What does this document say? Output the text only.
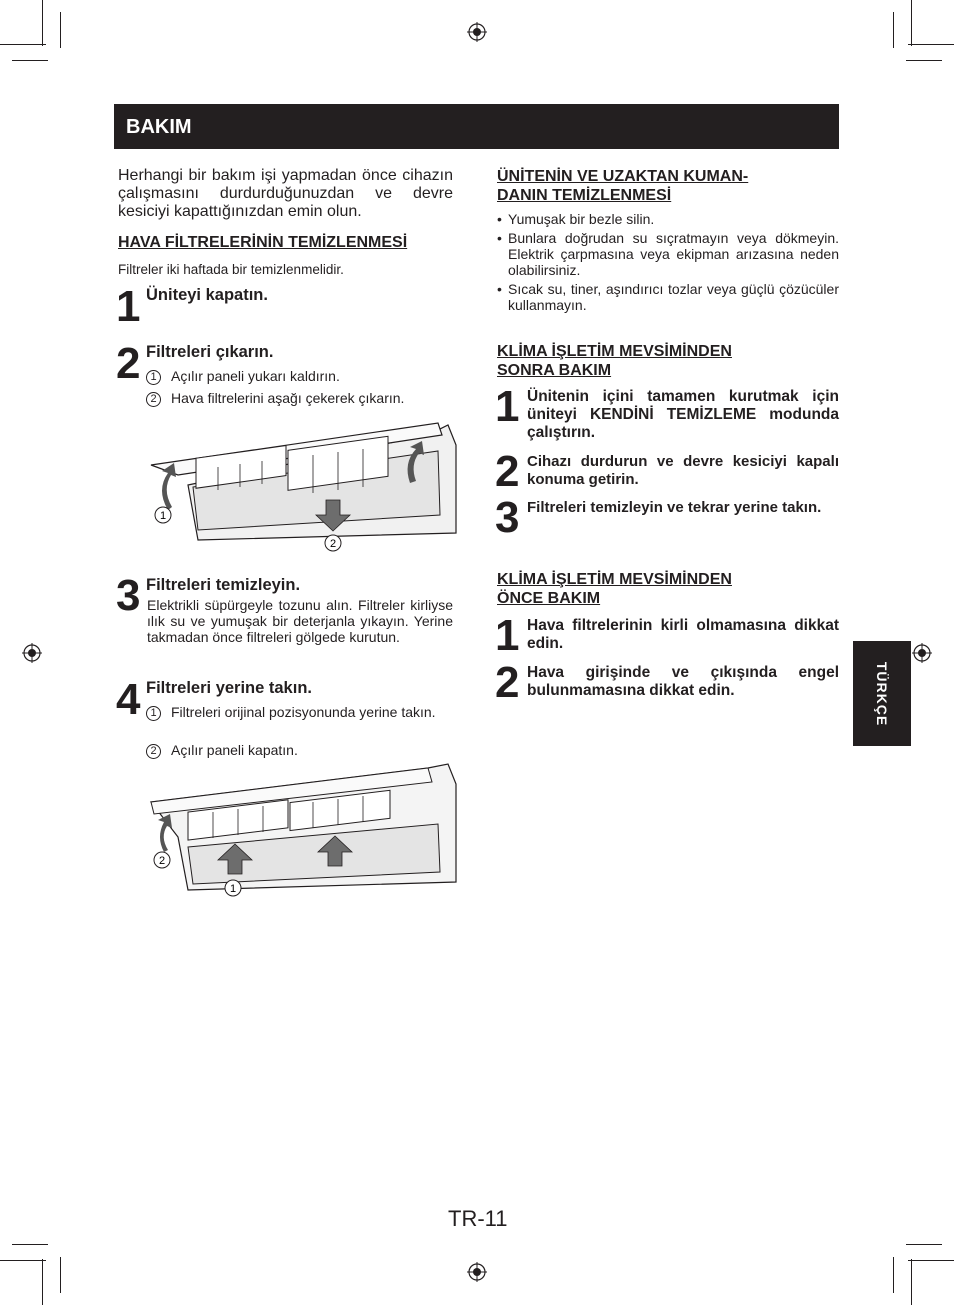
BAKIM
Herhangi bir bakım işi yapmadan önce cihazın çalışmasını durdurduğunuzdan ve devre kesiciyi kapattığınızdan emin olun.
HAVA FİLTRELERİNİN TEMİZLENMESİ
Filtreler iki haftada bir temizlenmelidir.
1 Üniteyi kapatın.
2 Filtreleri çıkarın.
1 Açılır paneli yukarı kaldırın.
2 Hava filtrelerini aşağı çekerek çıkarın.
1
2
3 Filtreleri temizleyin.
Elektrikli süpürgeyle tozunu alın. Filtreler kirliyse ılık su ve yumuşak bir deterjanla yıkayın. Yerine takmadan önce filtreleri gölgede kurutun.
4 Filtreleri yerine takın.
1 Filtreleri orijinal pozisyonunda yerine takın.
2 Açılır paneli kapatın.
2
1
ÜNİTENİN VE UZAKTAN KUMAN-
DANIN TEMİZLENMESİ
• Yumuşak bir bezle silin.
• Bunlara doğrudan su sıçratmayın veya dökmeyin. Elektrik çarpmasına veya ekipman arızasına neden olabilirsiniz.
• Sıcak su, tiner, aşındırıcı tozlar veya güçlü çözücüler kullanmayın.
KLİMA İŞLETİM MEVSİMİNDEN
SONRA BAKIM
1 Ünitenin içini tamamen kurutmak için üniteyi KENDİNİ TEMİZLEME modunda çalıştırın.
2 Cihazı durdurun ve devre kesiciyi kapalı konuma getirin.
3 Filtreleri temizleyin ve tekrar yerine takın.
KLİMA İŞLETİM MEVSİMİNDEN
ÖNCE BAKIM
1 Hava filtrelerinin kirli olmamasına dikkat edin.
2 Hava girişinde ve çıkışında engel bulunmamasına dikkat edin.	TÜRKÇE
TR-11
